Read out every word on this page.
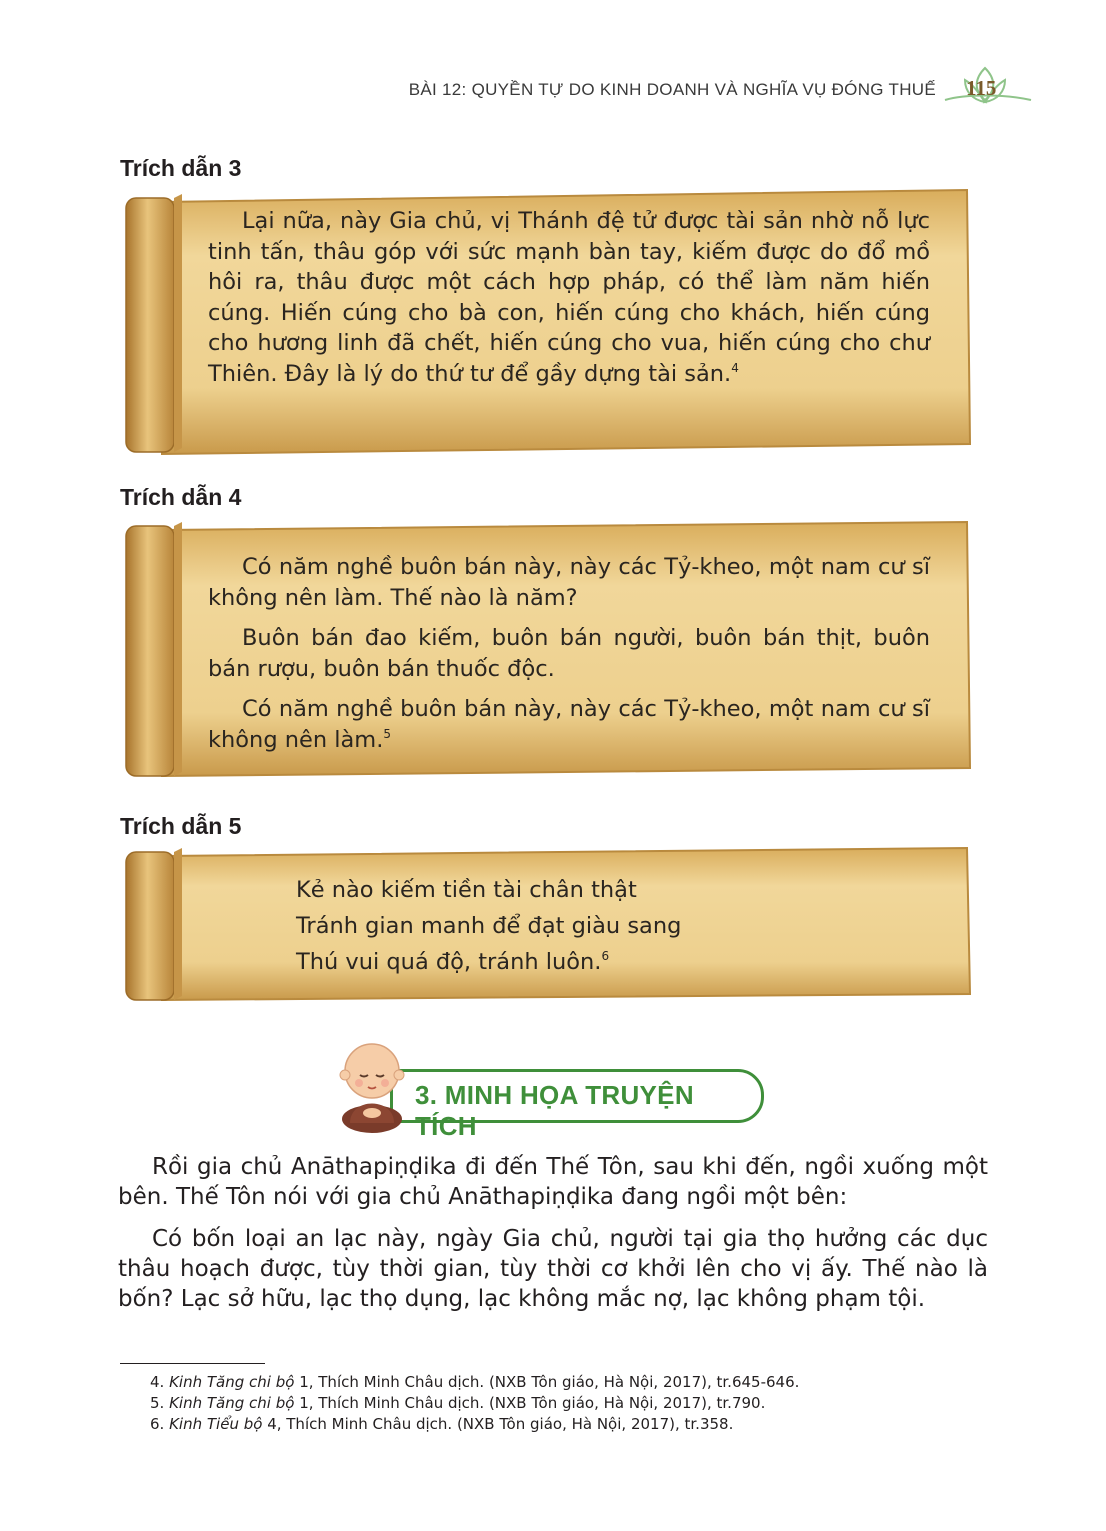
BÀI 12: QUYỀN TỰ DO KINH DOANH VÀ NGHĨA VỤ ĐÓNG THUẾ 115
Trích dẫn 3

Lại nữa, này Gia chủ, vị Thánh đệ tử được tài sản nhờ nỗ lực tinh tấn, thâu góp với sức mạnh bàn tay, kiếm được do đổ mồ hôi ra, thâu được một cách hợp pháp, có thể làm năm hiến cúng. Hiến cúng cho bà con, hiến cúng cho khách, hiến cúng cho hương linh đã chết, hiến cúng cho vua, hiến cúng cho chư Thiên. Đây là lý do thứ tư để gầy dựng tài sản.$^4$

Trích dẫn 4

Có năm nghề buôn bán này, này các Tỷ-kheo, một nam cư sĩ không nên làm. Thế nào là năm?

Buôn bán đao kiếm, buôn bán người, buôn bán thịt, buôn bán rượu, buôn bán thuốc độc.

Có năm nghề buôn bán này, này các Tỷ-kheo, một nam cư sĩ không nên làm.$^5$

Trích dẫn 5
Kẻ nào kiếm tiền tài chân thật
Tránh gian manh để đạt giàu sang
Thú vui quá độ, tránh luôn.$^6$
3. MINH HỌA TRUYỆN TÍCH

Rồi gia chủ Anāthapiṇḍika đi đến Thế Tôn, sau khi đến, ngồi xuống một bên. Thế Tôn nói với gia chủ Anāthapiṇḍika đang ngồi một bên:

Có bốn loại an lạc này, ngày Gia chủ, người tại gia thọ hưởng các dục thâu hoạch được, tùy thời gian, tùy thời cơ khởi lên cho vị ấy. Thế nào là bốn? Lạc sở hữu, lạc thọ dụng, lạc không mắc nợ, lạc không phạm tội.

4. Kinh Tăng chi bộ 1, Thích Minh Châu dịch. (NXB Tôn giáo, Hà Nội, 2017), tr.645-646.
5. Kinh Tăng chi bộ 1, Thích Minh Châu dịch. (NXB Tôn giáo, Hà Nội, 2017), tr.790.
6. Kinh Tiểu bộ 4, Thích Minh Châu dịch. (NXB Tôn giáo, Hà Nội, 2017), tr.358.
